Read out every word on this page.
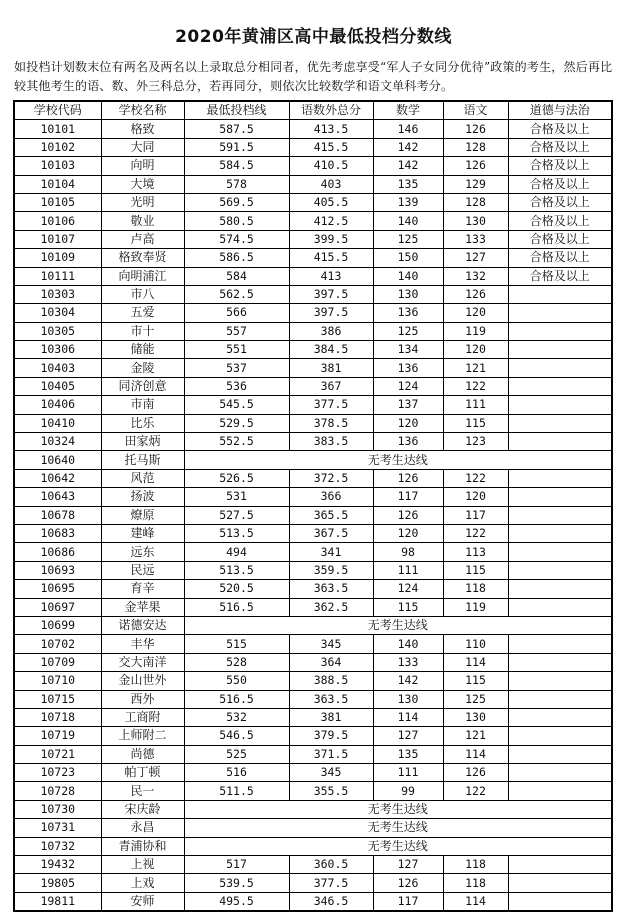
2020年黄浦区高中最低投档分数线
如投档计划数末位有两名及两名以上录取总分相同者，优先考虑享受“军人子女同分优待”政策的考生，然后再比较其他考生的语、数、外三科总分，若再同分，则依次比较数学和语文单科考分。
学校代码	学校名称	最低投档线	语数外总分	数学	语文	道德与法治
10101	格致	587.5	413.5	146	126	合格及以上
10102	大同	591.5	415.5	142	128	合格及以上
10103	向明	584.5	410.5	142	126	合格及以上
10104	大境	578	403	135	129	合格及以上
10105	光明	569.5	405.5	139	128	合格及以上
10106	敬业	580.5	412.5	140	130	合格及以上
10107	卢高	574.5	399.5	125	133	合格及以上
10109	格致奉贤	586.5	415.5	150	127	合格及以上
10111	向明浦江	584	413	140	132	合格及以上
10303	市八	562.5	397.5	130	126	
10304	五爱	566	397.5	136	120	
10305	市十	557	386	125	119	
10306	储能	551	384.5	134	120	
10403	金陵	537	381	136	121	
10405	同济创意	536	367	124	122	
10406	市南	545.5	377.5	137	111	
10410	比乐	529.5	378.5	120	115	
10324	田家炳	552.5	383.5	136	123	
10640	托马斯	无考生达线				
10642	风范	526.5	372.5	126	122	
10643	扬波	531	366	117	120	
10678	燎原	527.5	365.5	126	117	
10683	建峰	513.5	367.5	120	122	
10686	远东	494	341	98	113	
10693	民远	513.5	359.5	111	115	
10695	育辛	520.5	363.5	124	118	
10697	金苹果	516.5	362.5	115	119	
10699	诺德安达	无考生达线				
10702	丰华	515	345	140	110	
10709	交大南洋	528	364	133	114	
10710	金山世外	550	388.5	142	115	
10715	西外	516.5	363.5	130	125	
10718	工商附	532	381	114	130	
10719	上师附二	546.5	379.5	127	121	
10721	尚德	525	371.5	135	114	
10723	帕丁顿	516	345	111	126	
10728	民一	511.5	355.5	99	122	
10730	宋庆龄	无考生达线				
10731	永昌	无考生达线				
10732	青浦协和	无考生达线				
19432	上视	517	360.5	127	118	
19805	上戏	539.5	377.5	126	118	
19811	安师	495.5	346.5	117	114	
